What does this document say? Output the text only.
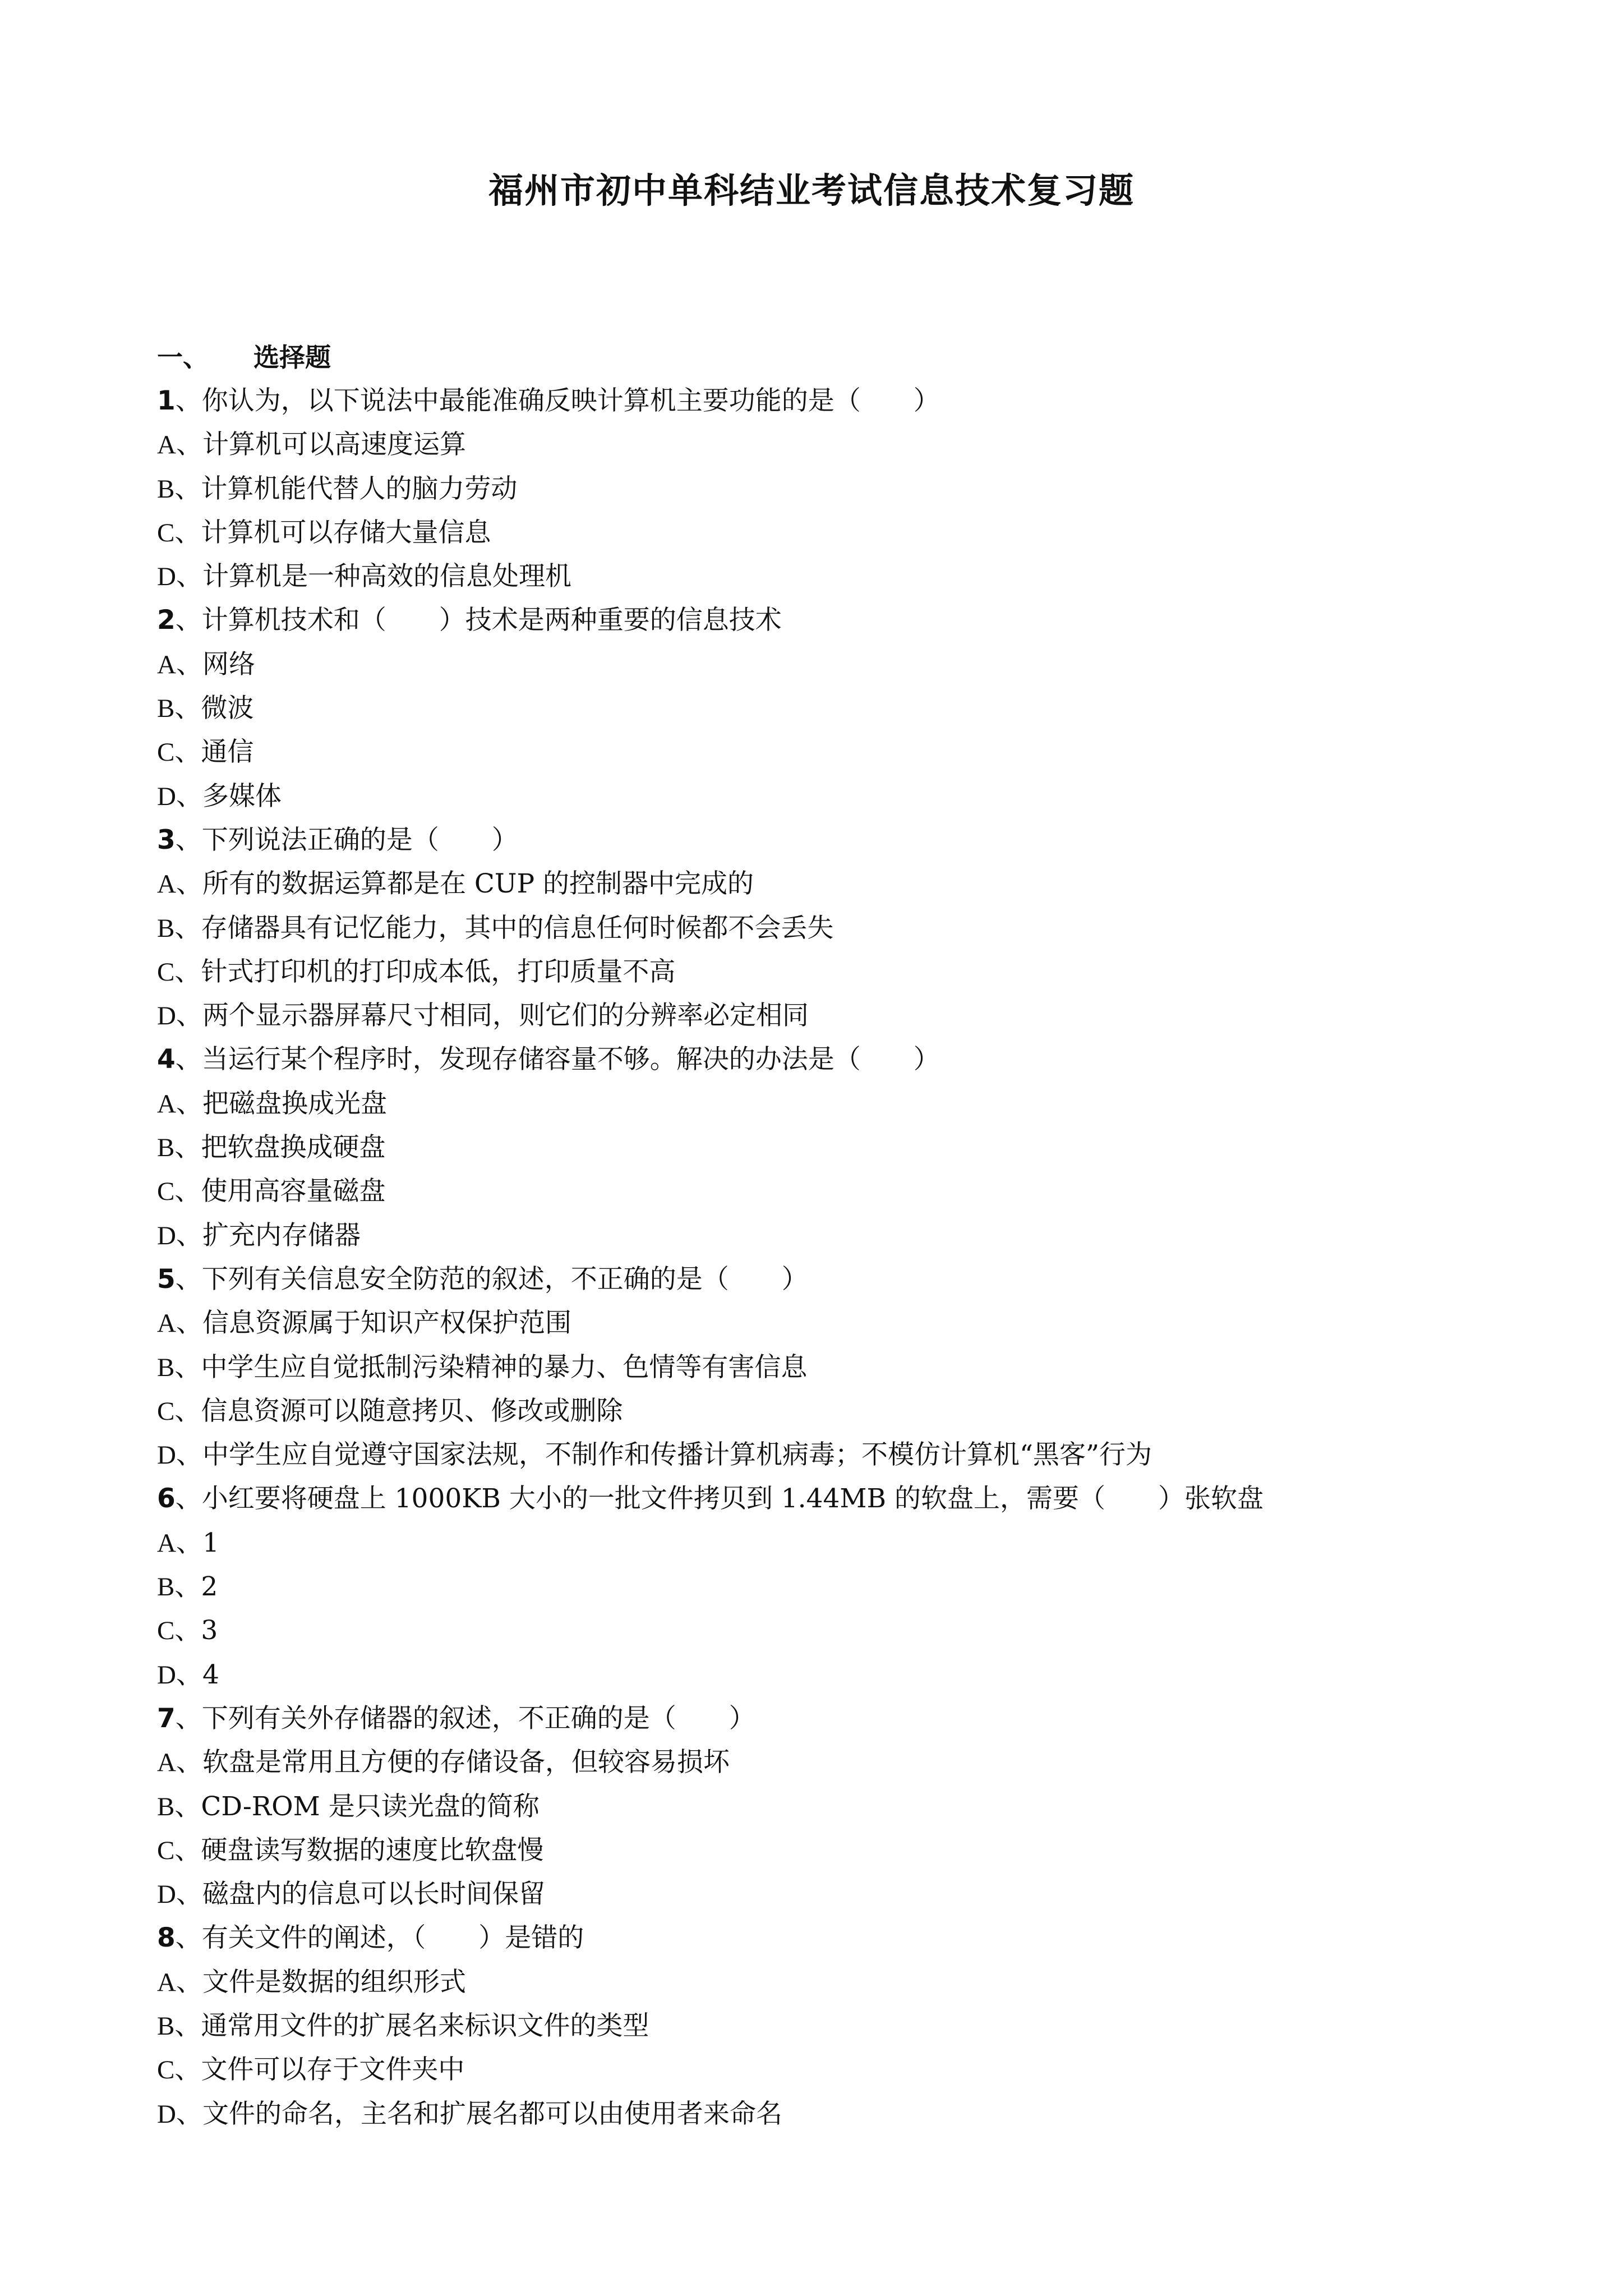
福州市初中单科结业考试信息技术复习题
一、 选择题
1、你认为，以下说法中最能准确反映计算机主要功能的是（　　）
A、计算机可以高速度运算
B、计算机能代替人的脑力劳动
C、计算机可以存储大量信息
D、计算机是一种高效的信息处理机
2、计算机技术和（　　）技术是两种重要的信息技术
A、网络
B、微波
C、通信
D、多媒体
3、下列说法正确的是（　　）
A、所有的数据运算都是在 CUP 的控制器中完成的
B、存储器具有记忆能力，其中的信息任何时候都不会丢失
C、针式打印机的打印成本低，打印质量不高
D、两个显示器屏幕尺寸相同，则它们的分辨率必定相同
4、当运行某个程序时，发现存储容量不够。解决的办法是（　　）
A、把磁盘换成光盘
B、把软盘换成硬盘
C、使用高容量磁盘
D、扩充内存储器
5、下列有关信息安全防范的叙述，不正确的是（　　）
A、信息资源属于知识产权保护范围
B、中学生应自觉抵制污染精神的暴力、色情等有害信息
C、信息资源可以随意拷贝、修改或删除
D、中学生应自觉遵守国家法规，不制作和传播计算机病毒；不模仿计算机“黑客”行为
6、小红要将硬盘上 1000KB 大小的一批文件拷贝到 1.44MB 的软盘上，需要（　　）张软盘
A、1
B、2
C、3
D、4
7、下列有关外存储器的叙述，不正确的是（　　）
A、软盘是常用且方便的存储设备，但较容易损坏
B、CD-ROM 是只读光盘的简称
C、硬盘读写数据的速度比软盘慢
D、磁盘内的信息可以长时间保留
8、有关文件的阐述，（　　）是错的
A、文件是数据的组织形式
B、通常用文件的扩展名来标识文件的类型
C、文件可以存于文件夹中
D、文件的命名，主名和扩展名都可以由使用者来命名
